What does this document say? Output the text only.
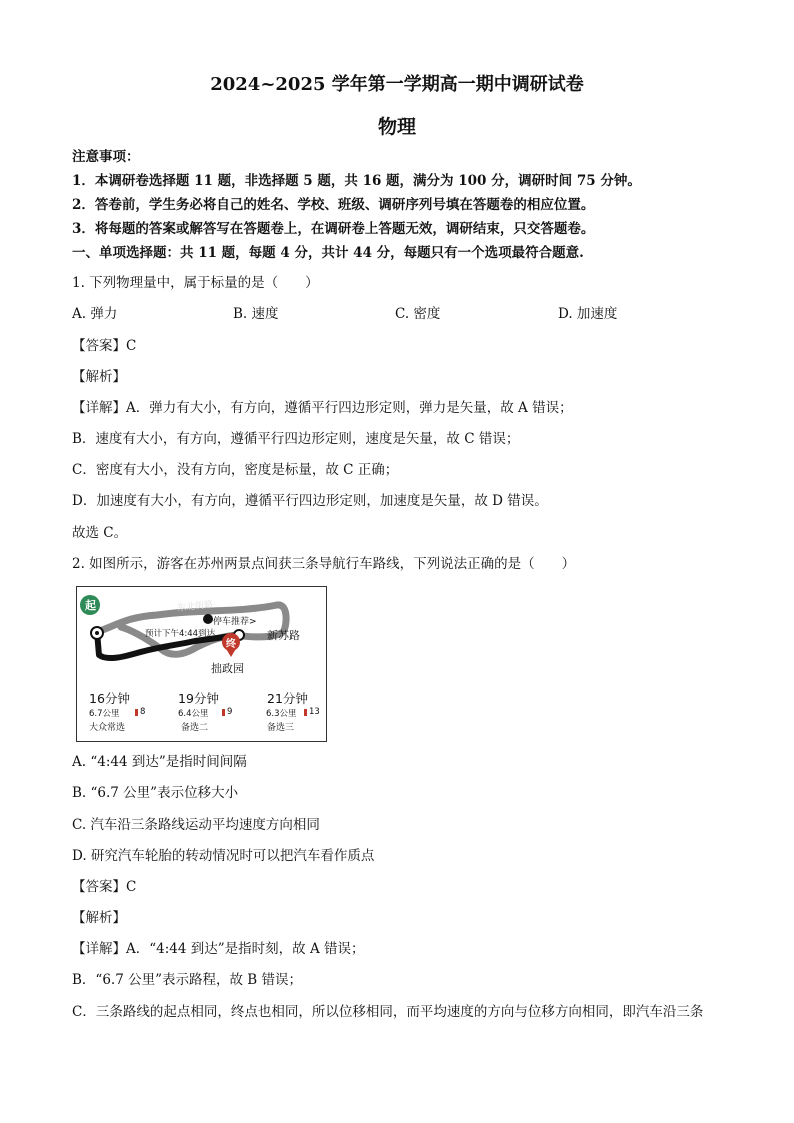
2024~2025 学年第一学期高一期中调研试卷
物理
注意事项：
1．本调研卷选择题 11 题，非选择题 5 题，共 16 题，满分为 100 分，调研时间 75 分钟。
2．答卷前，学生务必将自己的姓名、学校、班级、调研序列号填在答题卷的相应位置。
3．将每题的答案或解答写在答题卷上，在调研卷上答题无效，调研结束，只交答题卷。
一、单项选择题：共 11 题，每题 4 分，共计 44 分，每题只有一个选项最符合题意.
1. 下列物理量中，属于标量的是（　　）
A. 弹力	B. 速度	C. 密度	D. 加速度
【答案】C
【解析】
【详解】A．弹力有大小，有方向，遵循平行四边形定则，弹力是矢量，故 A 错误；
B．速度有大小，有方向，遵循平行四边形定则，速度是矢量，故 C 错误；
C．密度有大小，没有方向，密度是标量，故 C 正确；
D．加速度有大小，有方向，遵循平行四边形定则，加速度是矢量，故 D 错误。
故选 C。
2. 如图所示，游客在苏州两景点间获三条导航行车路线，下列说法正确的是（　　）
起
终
东北街路
停车推荐>
预计下午4:44到达	新苏路
拙政园
16分钟
6.7公里 8
大众常选
19分钟
6.4公里 9
备选二
21分钟
6.3公里 13
备选三
A. “4:44 到达”是指时间间隔
B. “6.7 公里”表示位移大小
C. 汽车沿三条路线运动平均速度方向相同
D. 研究汽车轮胎的转动情况时可以把汽车看作质点
【答案】C
【解析】
【详解】A．“4:44 到达”是指时刻，故 A 错误；
B．“6.7 公里”表示路程，故 B 错误；
C．三条路线的起点相同，终点也相同，所以位移相同，而平均速度的方向与位移方向相同，即汽车沿三条
